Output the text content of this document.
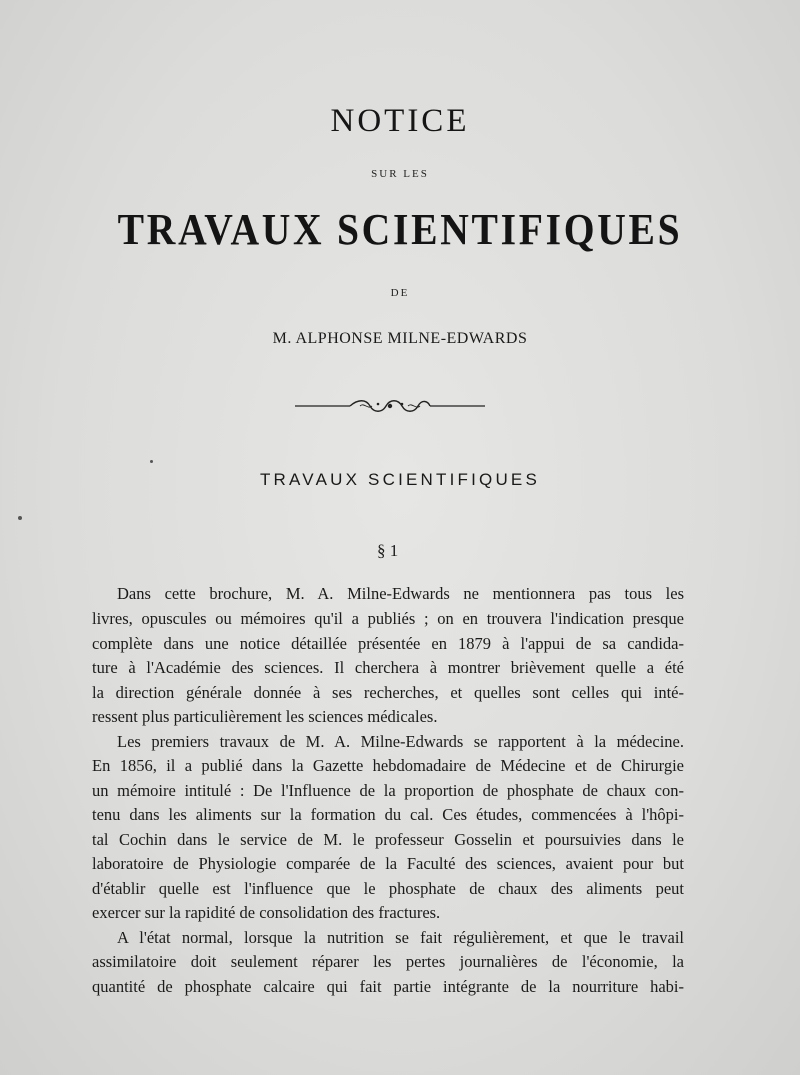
NOTICE
SUR LES
TRAVAUX SCIENTIFIQUES
DE
M. ALPHONSE MILNE-EDWARDS
TRAVAUX SCIENTIFIQUES
§ 1
Dans cette brochure, M. A. Milne-Edwards ne mentionnera pas tous les
livres, opuscules ou mémoires qu'il a publiés ; on en trouvera l'indication presque
complète dans une notice détaillée présentée en 1879 à l'appui de sa candida-
ture à l'Académie des sciences. Il cherchera à montrer brièvement quelle a été
la direction générale donnée à ses recherches, et quelles sont celles qui inté-
ressent plus particulièrement les sciences médicales.
Les premiers travaux de M. A. Milne-Edwards se rapportent à la médecine.
En 1856, il a publié dans la Gazette hebdomadaire de Médecine et de Chirurgie
un mémoire intitulé : De l'Influence de la proportion de phosphate de chaux con-
tenu dans les aliments sur la formation du cal. Ces études, commencées à l'hôpi-
tal Cochin dans le service de M. le professeur Gosselin et poursuivies dans le
laboratoire de Physiologie comparée de la Faculté des sciences, avaient pour but
d'établir quelle est l'influence que le phosphate de chaux des aliments peut
exercer sur la rapidité de consolidation des fractures.
A l'état normal, lorsque la nutrition se fait régulièrement, et que le travail
assimilatoire doit seulement réparer les pertes journalières de l'économie, la
quantité de phosphate calcaire qui fait partie intégrante de la nourriture habi-
